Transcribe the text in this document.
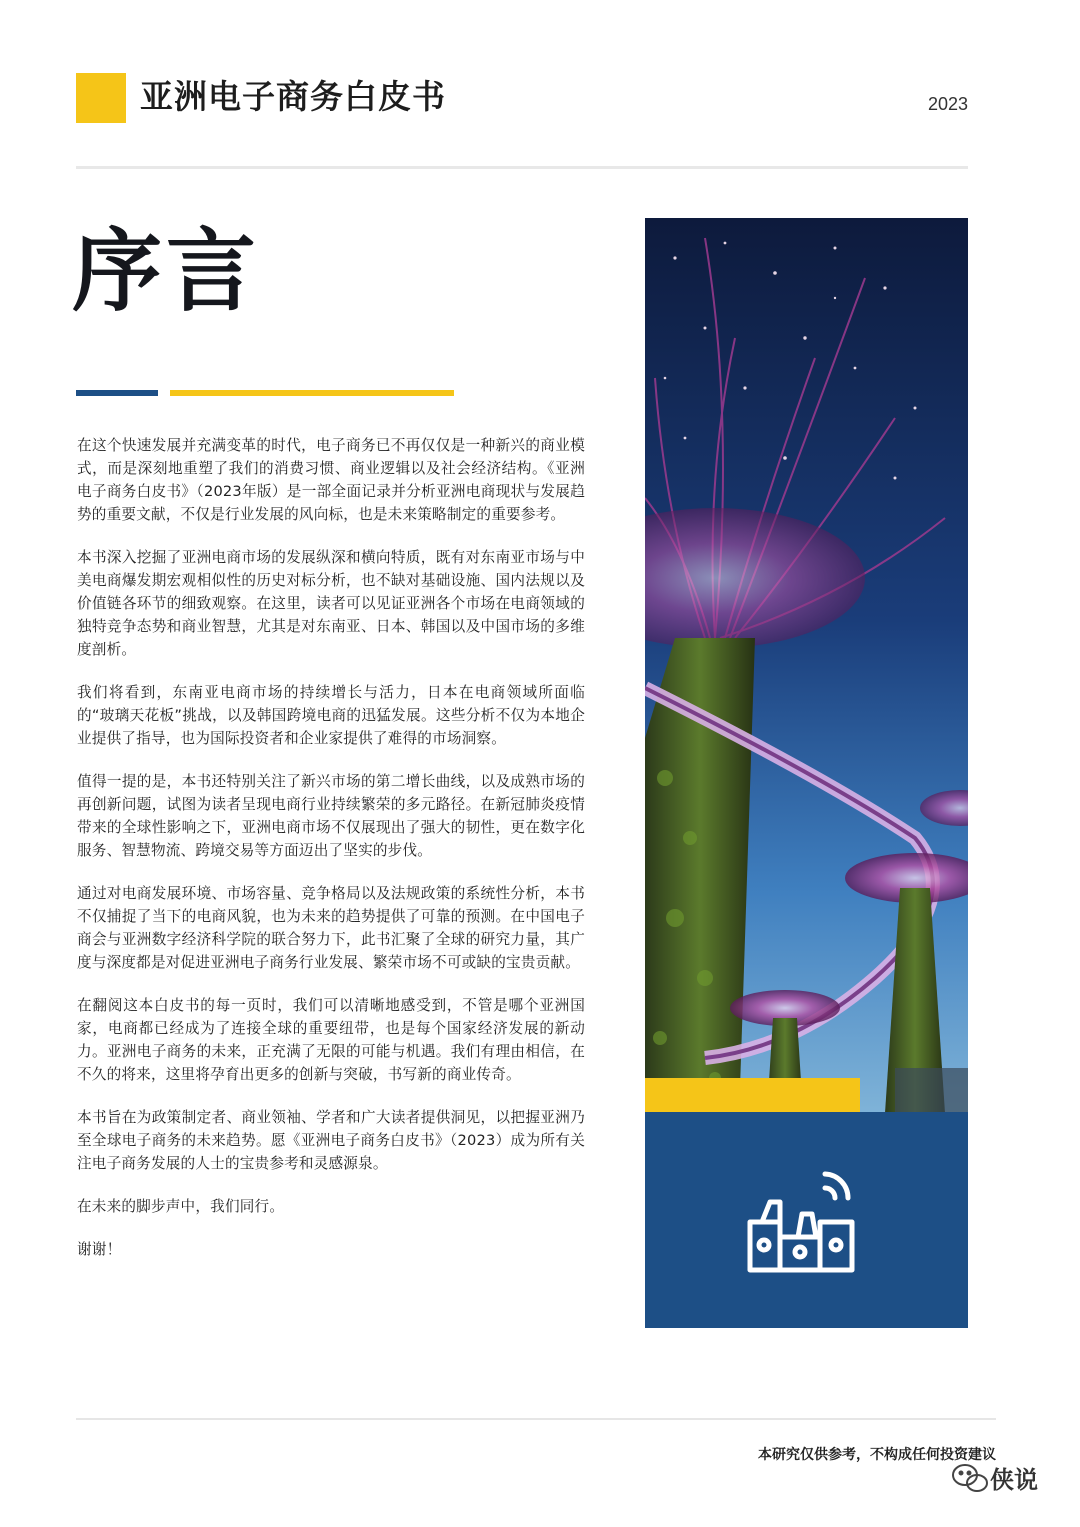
亚洲电子商务白皮书	2023
序言

在这个快速发展并充满变革的时代，电子商务已不再仅仅是一种新兴的商业模式，而是深刻地重塑了我们的消费习惯、商业逻辑以及社会经济结构。《亚洲电子商务白皮书》（2023年版）是一部全面记录并分析亚洲电商现状与发展趋势的重要文献，不仅是行业发展的风向标，也是未来策略制定的重要参考。

本书深入挖掘了亚洲电商市场的发展纵深和横向特质，既有对东南亚市场与中美电商爆发期宏观相似性的历史对标分析，也不缺对基础设施、国内法规以及价值链各环节的细致观察。在这里，读者可以见证亚洲各个市场在电商领域的独特竞争态势和商业智慧，尤其是对东南亚、日本、韩国以及中国市场的多维度剖析。

我们将看到，东南亚电商市场的持续增长与活力，日本在电商领域所面临的“玻璃天花板”挑战，以及韩国跨境电商的迅猛发展。这些分析不仅为本地企业提供了指导，也为国际投资者和企业家提供了难得的市场洞察。

值得一提的是，本书还特别关注了新兴市场的第二增长曲线，以及成熟市场的再创新问题，试图为读者呈现电商行业持续繁荣的多元路径。在新冠肺炎疫情带来的全球性影响之下，亚洲电商市场不仅展现出了强大的韧性，更在数字化服务、智慧物流、跨境交易等方面迈出了坚实的步伐。

通过对电商发展环境、市场容量、竞争格局以及法规政策的系统性分析，本书不仅捕捉了当下的电商风貌，也为未来的趋势提供了可靠的预测。在中国电子商会与亚洲数字经济科学院的联合努力下，此书汇聚了全球的研究力量，其广度与深度都是对促进亚洲电子商务行业发展、繁荣市场不可或缺的宝贵贡献。

在翻阅这本白皮书的每一页时，我们可以清晰地感受到，不管是哪个亚洲国家，电商都已经成为了连接全球的重要纽带，也是每个国家经济发展的新动力。亚洲电子商务的未来，正充满了无限的可能与机遇。我们有理由相信，在不久的将来，这里将孕育出更多的创新与突破，书写新的商业传奇。

本书旨在为政策制定者、商业领袖、学者和广大读者提供洞见，以把握亚洲乃至全球电子商务的未来趋势。愿《亚洲电子商务白皮书》（2023）成为所有关注电子商务发展的人士的宝贵参考和灵感源泉。

在未来的脚步声中，我们同行。

谢谢！

本研究仅供参考，不构成任何投资建议
侠说
